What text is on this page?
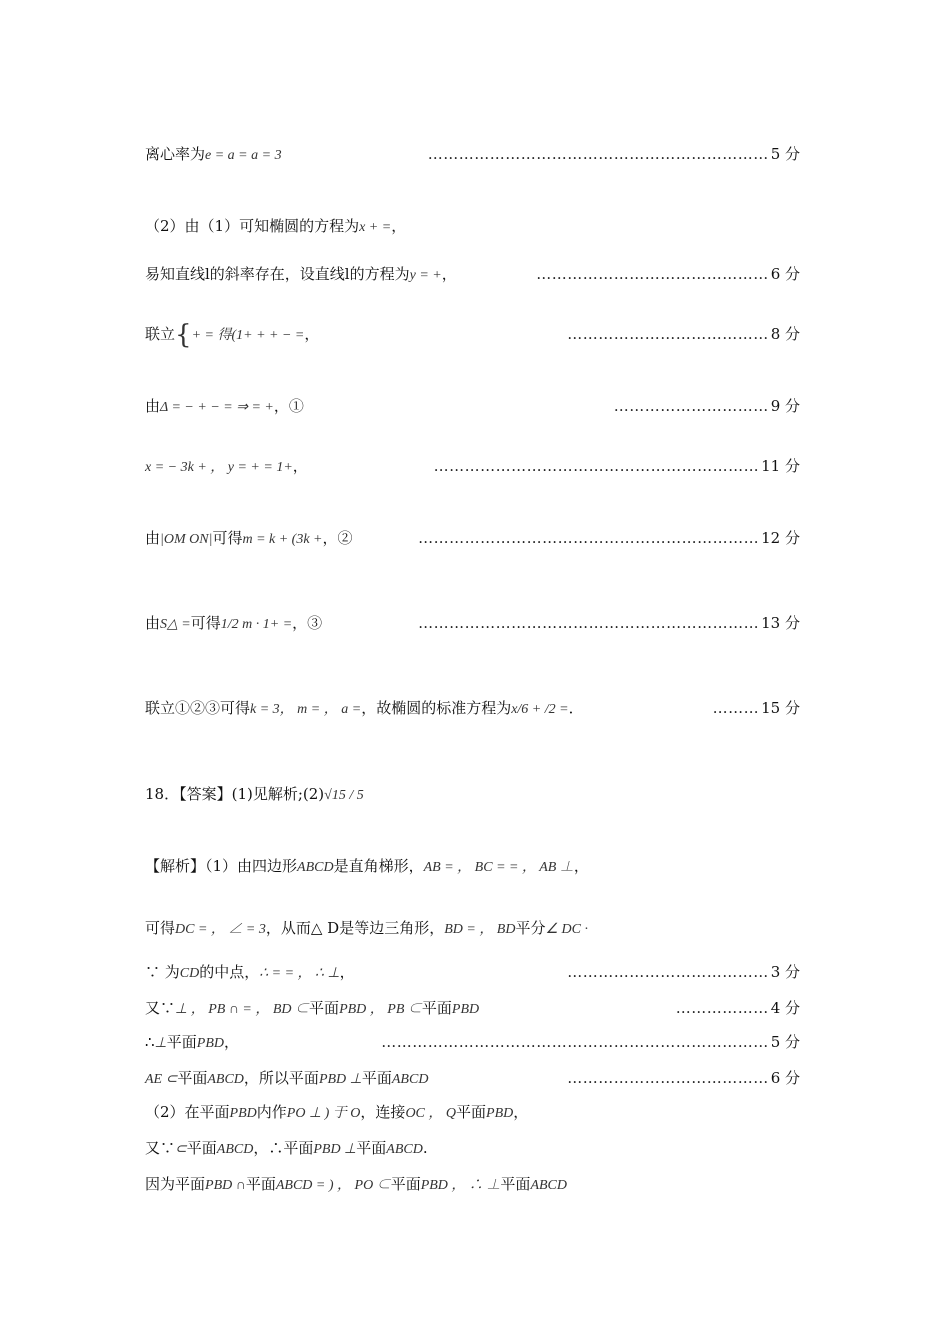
离心率为e = a = a = 3	………………………………………………………… 5 分
（2）由（1）可知椭圆的方程为x + =，
易知直线l的斜率存在，设直线l的方程为y = +，	……………………………………… 6 分
联立{+ = 得(1+ + + − =，	………………………………… 8 分
由Δ = − + − = ⇒ = +，①	………………………… 9 分
x = − 3k + ， y = + = 1+，	……………………………………………………… 11 分
由|OM ON|可得m = k + (3k +，②	………………………………………………………… 12 分
由S△ =可得1/2 m · 1+ =，③	………………………………………………………… 13 分
联立①②③可得k = 3， m = ， a =，故椭圆的标准方程为x/6 + /2 =．	……… 15 分
18．【答案】(1)见解析;(2)√15 / 5
【解析】（1）由四边形ABCD是直角梯形，AB = ， BC = = ， AB ⊥，
可得DC = ， ∠ = 3，从而△ D是等边三角形，BD = ， BD平分∠ DC ·
∵ 为CD的中点，∴ = = ， ∴ ⊥，	………………………………… 3 分
又∵⊥ ， PB ∩ = ， BD ⊂平面PBD ， PB ⊂平面PBD	……………… 4 分
∴⊥平面PBD，	………………………………………………………………… 5 分
AE ⊂平面ABCD，所以平面PBD ⊥平面ABCD	………………………………… 6 分
（2）在平面PBD内作PO ⊥ ) 于 O，连接OC ， Q平面PBD，
又∵⊂平面ABCD，∴平面PBD ⊥平面ABCD.
因为平面PBD ∩平面ABCD = ) ， PO ⊂平面PBD ， ∴ ⊥平面ABCD
